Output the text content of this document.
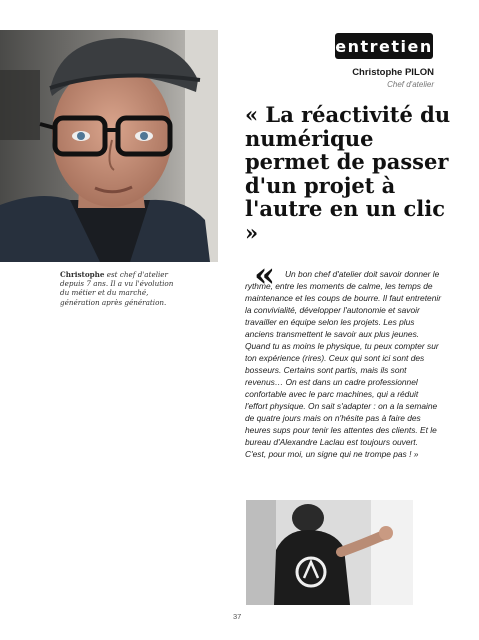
entretien
Christophe PILON
Chef d'atelier
« La réactivité du numérique permet de passer d'un projet à l'autre en un clic »

Christophe est chef d'atelier depuis 7 ans. Il a vu l'évolution du métier et du marché, génération après génération.

«	Un bon chef d'atelier doit savoir donner le rythme, entre les moments de calme, les temps de maintenance et les coups de bourre. Il faut entretenir la convivialité, développer l'autonomie et savoir travailler en équipe selon les projets. Les plus anciens transmettent le savoir aux plus jeunes. Quand tu as moins le physique, tu peux compter sur ton expérience (rires). Ceux qui sont ici sont des bosseurs. Certains sont partis, mais ils sont revenus… On est dans un cadre professionnel confortable avec le parc machines, qui a réduit l'effort physique. On sait s'adapter : on a la semaine de quatre jours mais on n'hésite pas à faire des heures sups pour tenir les attentes des clients. Et le bureau d'Alexandre Laclau est toujours ouvert. C'est, pour moi, un signe qui ne trompe pas ! »

37
